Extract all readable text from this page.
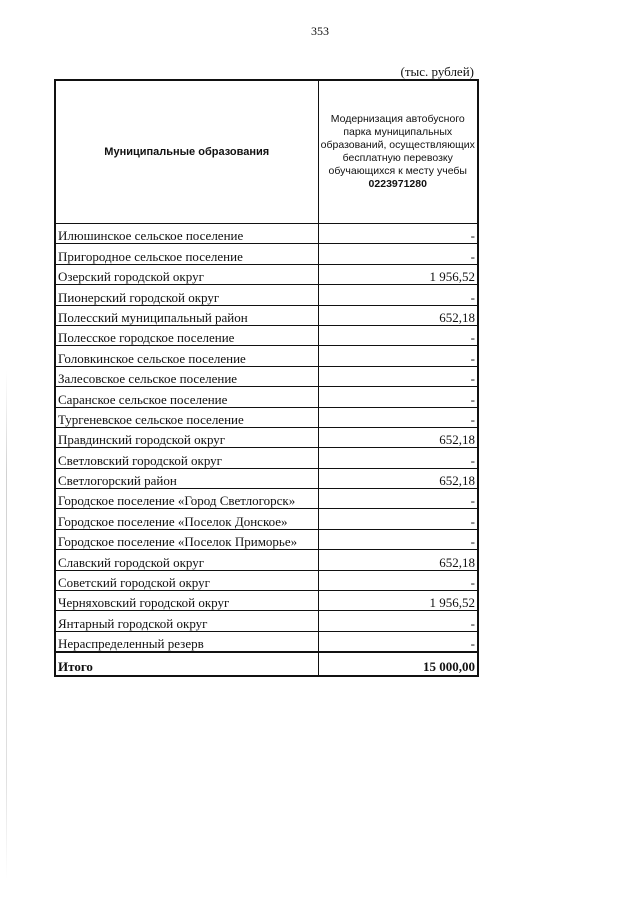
353
(тыс. рублей)
Муниципальные образования	Модернизация автобусного парка муниципальных образований, осуществляющих бесплатную перевозку обучающихся к месту учебы
0223971280

Илюшинское сельское поселение	-
Пригородное сельское поселение	-
Озерский городской округ	1 956,52
Пионерский городской округ	-
Полесский муниципальный район	652,18
Полесское городское поселение	-
Головкинское сельское поселение	-
Залесовское сельское поселение	-
Саранское сельское поселение	-
Тургеневское сельское поселение	-
Правдинский городской округ	652,18
Светловский городской округ	-
Светлогорский район	652,18
Городское поселение «Город Светлогорск»	-
Городское поселение «Поселок Донское»	-
Городское поселение «Поселок Приморье»	-
Славский городской округ	652,18
Советский городской округ	-
Черняховский городской округ	1 956,52
Янтарный городской округ	-
Нераспределенный резерв	-
Итого	15 000,00
